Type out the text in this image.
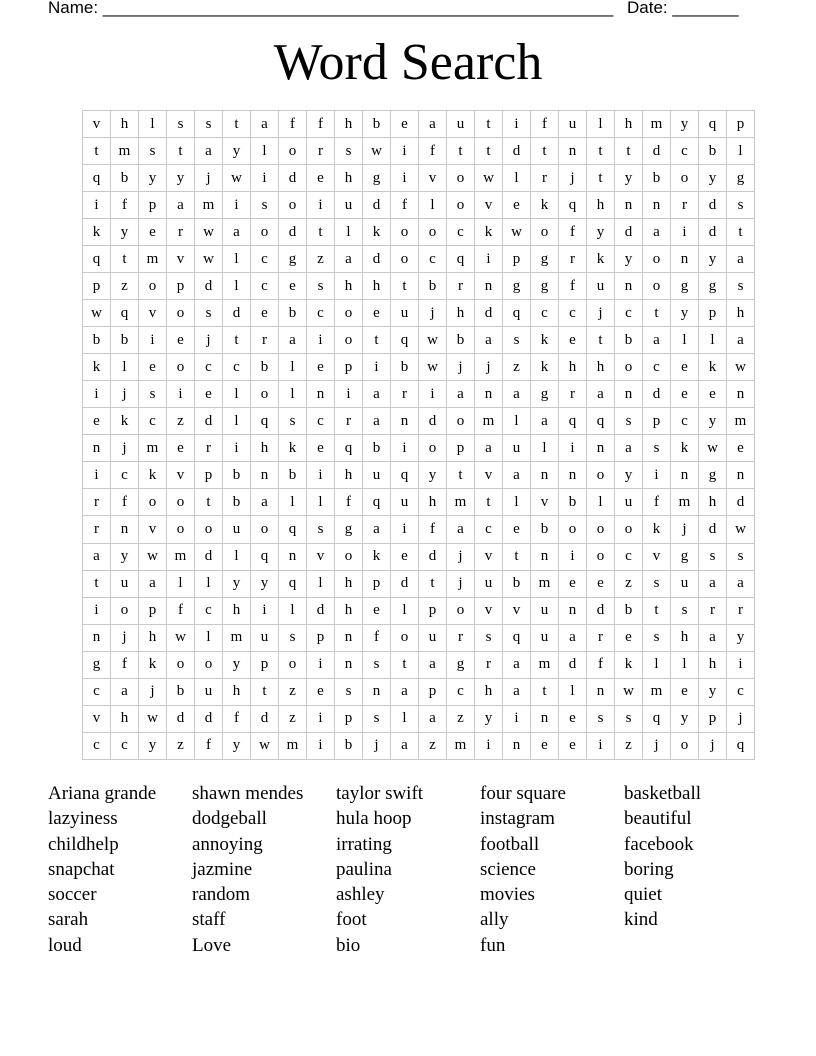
Name: ______________________________________________________ Date: _______
Word Search
v	h	l	s	s	t	a	f	f	h	b	e	a	u	t	i	f	u	l	h	m	y	q	p
t	m	s	t	a	y	l	o	r	s	w	i	f	t	t	d	t	n	t	t	d	c	b	l
q	b	y	y	j	w	i	d	e	h	g	i	v	o	w	l	r	j	t	y	b	o	y	g
i	f	p	a	m	i	s	o	i	u	d	f	l	o	v	e	k	q	h	n	n	r	d	s
k	y	e	r	w	a	o	d	t	l	k	o	o	c	k	w	o	f	y	d	a	i	d	t
q	t	m	v	w	l	c	g	z	a	d	o	c	q	i	p	g	r	k	y	o	n	y	a
p	z	o	p	d	l	c	e	s	h	h	t	b	r	n	g	g	f	u	n	o	g	g	s
w	q	v	o	s	d	e	b	c	o	e	u	j	h	d	q	c	c	j	c	t	y	p	h
b	b	i	e	j	t	r	a	i	o	t	q	w	b	a	s	k	e	t	b	a	l	l	a
k	l	e	o	c	c	b	l	e	p	i	b	w	j	j	z	k	h	h	o	c	e	k	w
i	j	s	i	e	l	o	l	n	i	a	r	i	a	n	a	g	r	a	n	d	e	e	n
e	k	c	z	d	l	q	s	c	r	a	n	d	o	m	l	a	q	q	s	p	c	y	m
n	j	m	e	r	i	h	k	e	q	b	i	o	p	a	u	l	i	n	a	s	k	w	e
i	c	k	v	p	b	n	b	i	h	u	q	y	t	v	a	n	n	o	y	i	n	g	n
r	f	o	o	t	b	a	l	l	f	q	u	h	m	t	l	v	b	l	u	f	m	h	d
r	n	v	o	o	u	o	q	s	g	a	i	f	a	c	e	b	o	o	o	k	j	d	w
a	y	w	m	d	l	q	n	v	o	k	e	d	j	v	t	n	i	o	c	v	g	s	s
t	u	a	l	l	y	y	q	l	h	p	d	t	j	u	b	m	e	e	z	s	u	a	a
i	o	p	f	c	h	i	l	d	h	e	l	p	o	v	v	u	n	d	b	t	s	r	r
n	j	h	w	l	m	u	s	p	n	f	o	u	r	s	q	u	a	r	e	s	h	a	y
g	f	k	o	o	y	p	o	i	n	s	t	a	g	r	a	m	d	f	k	l	l	h	i
c	a	j	b	u	h	t	z	e	s	n	a	p	c	h	a	t	l	n	w	m	e	y	c
v	h	w	d	d	f	d	z	i	p	s	l	a	z	y	i	n	e	s	s	q	y	p	j
c	c	y	z	f	y	w	m	i	b	j	a	z	m	i	n	e	e	i	z	j	o	j	q
Ariana grande
lazyiness
childhelp
snapchat
soccer
sarah
loud
shawn mendes
dodgeball
annoying
jazmine
random
staff
Love
taylor swift
hula hoop
irrating
paulina
ashley
foot
bio
four square
instagram
football
science
movies
ally
fun
basketball
beautiful
facebook
boring
quiet
kind
